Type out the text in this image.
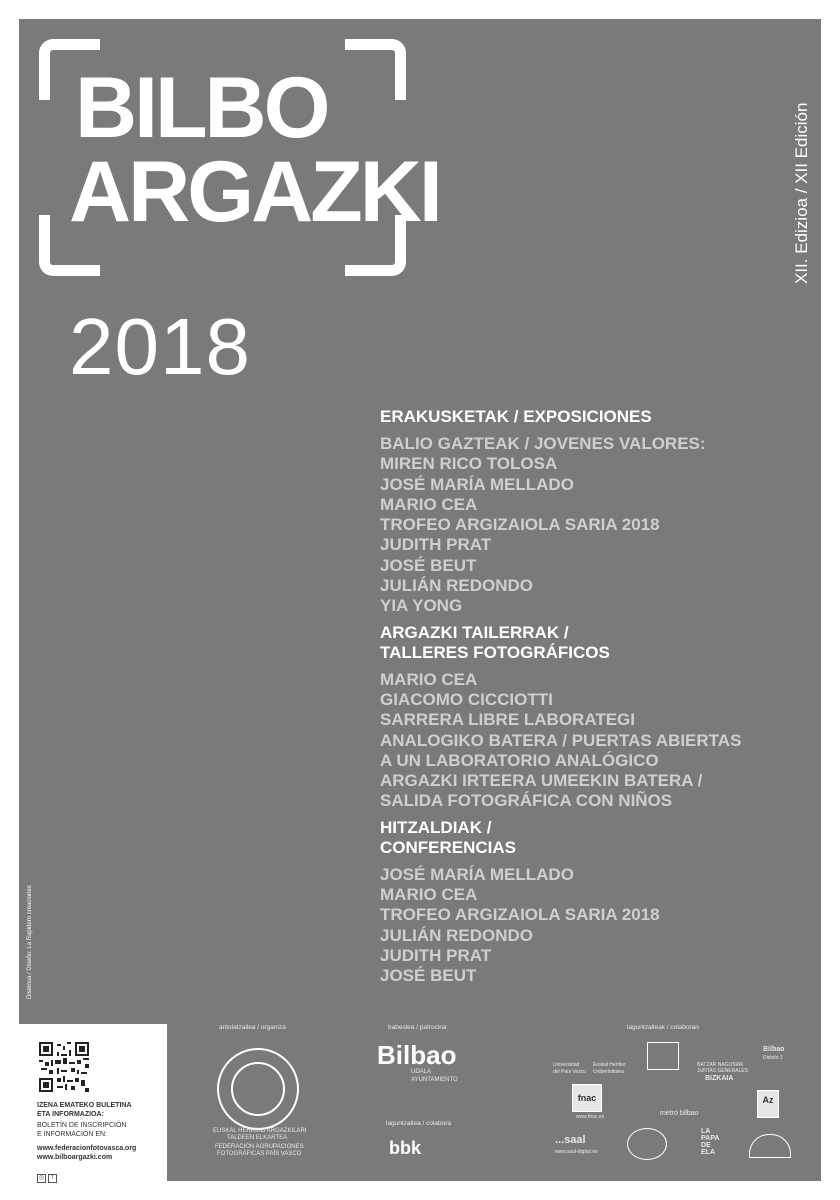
BILBO
ARGAZKI	XII. Edizioa / XII Edición
2018
Diseinua / Diseño: La Rapidero creaciones
ERAKUSKETAK / EXPOSICIONES
BALIO GAZTEAK / JOVENES VALORES:
MIREN RICO TOLOSA
JOSÉ MARÍA MELLADO
MARIO CEA
TROFEO ARGIZAIOLA SARIA 2018
JUDITH PRAT
JOSÉ BEUT
JULIÁN REDONDO
YIA YONG
ARGAZKI TAILERRAK /
TALLERES FOTOGRÁFICOS
MARIO CEA
GIACOMO CICCIOTTI
SARRERA LIBRE LABORATEGI
ANALOGIKO BATERA / PUERTAS ABIERTAS
A UN LABORATORIO ANALÓGICO
ARGAZKI IRTEERA UMEEKIN BATERA /
SALIDA FOTOGRÁFICA CON NIÑOS
HITZALDIAK /
CONFERENCIAS
JOSÉ MARÍA MELLADO
MARIO CEA
TROFEO ARGIZAIOLA SARIA 2018
JULIÁN REDONDO
JUDITH PRAT
JOSÉ BEUT
IZENA EMATEKO BULETINA
ETA INFORMAZIOA:
BOLETÍN DE INSCRIPCIÓN
E INFORMACIÓN EN:
www.federacionfotovasca.org
www.bilboargazki.com
◎ f
antolatzailea / organiza
EUSKAL HERRIKO ARGAZKILARI
TALDEEN ELKARTEA
FEDERACIÓN AGRUPACIONES
FOTOGRÁFICAS PAÍS VASCO
babeslea / patrocina
Bilbao
UDALA
AYUNTAMIENTO
laguntzailea / colabora
bbk
laguntzaileak / colaboran
Universidad
del País Vasco
Euskal Herriko
Unibertsitatea
BATZAR NAGUSIAK
JUNTAS GENERALES
BIZKAIA
Bilbao
Distrito 1
fnac
www.fnac.es	metro bilbao
Az
...saal
www.saal-digital.es
LA
PAPA
DE
ELA
